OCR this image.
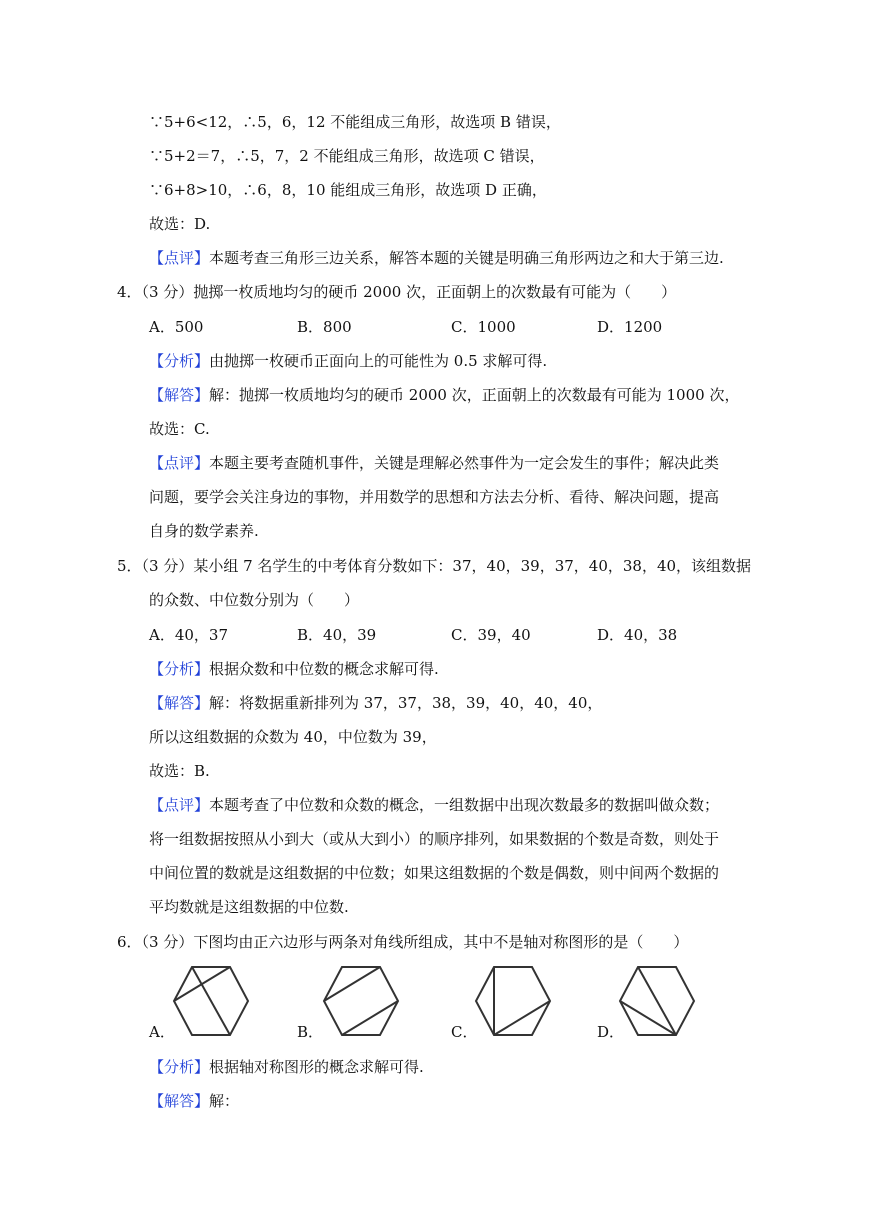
∵5+6<12，∴5，6，12 不能组成三角形，故选项 B 错误，
∵5+2＝7，∴5，7，2 不能组成三角形，故选项 C 错误，
∵6+8>10，∴6，8，10 能组成三角形，故选项 D 正确，
故选：D.
【点评】本题考查三角形三边关系，解答本题的关键是明确三角形两边之和大于第三边.
4．（3 分）抛掷一枚质地均匀的硬币 2000 次，正面朝上的次数最有可能为（　　）
A．500	B．800	C．1000	D．1200
【分析】由抛掷一枚硬币正面向上的可能性为 0.5 求解可得.
【解答】解：抛掷一枚质地均匀的硬币 2000 次，正面朝上的次数最有可能为 1000 次，
故选：C.
【点评】本题主要考查随机事件，关键是理解必然事件为一定会发生的事件；解决此类
问题，要学会关注身边的事物，并用数学的思想和方法去分析、看待、解决问题，提高
自身的数学素养.
5．（3 分）某小组 7 名学生的中考体育分数如下：37，40，39，37，40，38，40，该组数据
的众数、中位数分别为（　　）
A．40，37	B．40，39	C．39，40	D．40，38
【分析】根据众数和中位数的概念求解可得.
【解答】解：将数据重新排列为 37，37，38，39，40，40，40，
所以这组数据的众数为 40，中位数为 39，
故选：B.
【点评】本题考查了中位数和众数的概念，一组数据中出现次数最多的数据叫做众数；
将一组数据按照从小到大（或从大到小）的顺序排列，如果数据的个数是奇数，则处于
中间位置的数就是这组数据的中位数；如果这组数据的个数是偶数，则中间两个数据的
平均数就是这组数据的中位数.
6．（3 分）下图均由正六边形与两条对角线所组成，其中不是轴对称图形的是（　　）
A．	B．	C．	D．
【分析】根据轴对称图形的概念求解可得.
【解答】解：
